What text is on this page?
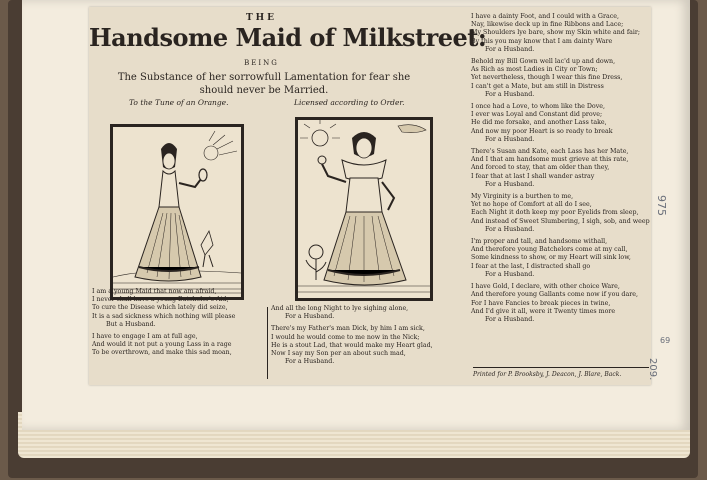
THE
Handsome Maid of Milkstreet:
BEING
The Substance of her sorrowfull Lamentation for fear she should never be Married.
To the Tune of an Orange.	Licensed according to Order.

I am a young Maid that now am afraid,

I never shall have a young Batchelor's Aid,

To cure the Disease which lately did seize,

It is a sad sickness which nothing will please

But a Husband.

I have to engage I am at full age,

And would it not put a young Lass in a rage

To be overthrown, and make this sad moan,

And all the long Night to lye sighing alone,

For a Husband.

There's my Father's man Dick, by him I am sick,

I would he would come to me now in the Nick;

He is a stout Lad, that would make my Heart glad,

Now I say my Son per an about such mad,

For a Husband.

I have a dainty Foot, and I could with a Grace,

Nay, likewise deck up in fine Ribbons and Lace;

My Shoulders lye bare, show my Skin white and fair;

By this you may know that I am dainty Ware

For a Husband.

Behold my Bill Gown well lac'd up and down,

As Rich as most Ladies in City or Town;

Yet nevertheless, though I wear this fine Dress,

I can't get a Mate, but am still in Distress

For a Husband.

I once had a Love, to whom like the Dove,

I ever was Loyal and Constant did prove;

He did me forsake, and another Lass take,

And now my poor Heart is so ready to break

For a Husband.

There's Susan and Kate, each Lass has her Mate,

And I that am handsome must grieve at this rate,

And forced to stay, that am older than they,

I fear that at last I shall wander astray

For a Husband.

My Virginity is a burthen to me,

Yet no hope of Comfort at all do I see,

Each Night it doth keep my poor Eyelids from sleep,

And instead of Sweet Slumbering, I sigh, sob, and weep

For a Husband.

I'm proper and tall, and handsome withall,

And therefore young Batchelors come at my call,

Some kindness to show, or my Heart will sink low,

I fear at the last, I distracted shall go

For a Husband.

I have Gold, I declare, with other choice Ware,

And therefore young Gallants come now if you dare,

For I have Fancies to break pieces in twine,

And I'd give it all, were it Twenty times more

For a Husband.

Printed for P. Brooksby, J. Deacon, J. Blare, Back.
975
69
209.
